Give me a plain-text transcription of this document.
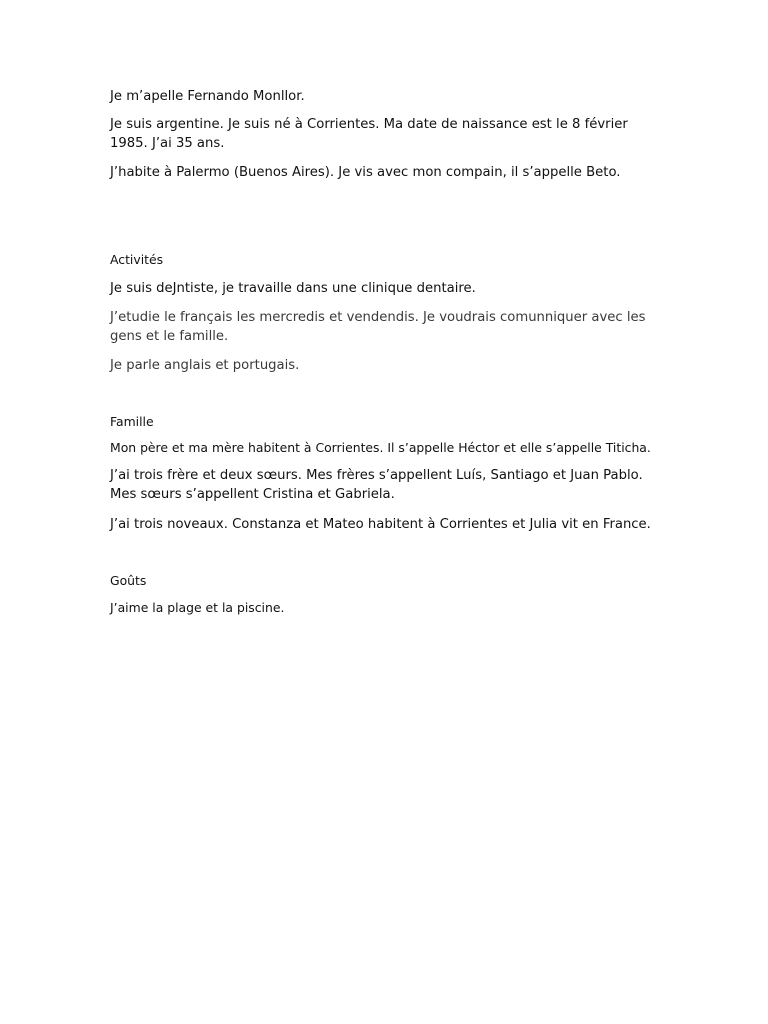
Je m’apelle Fernando Monllor.

Je suis argentine. Je suis né à Corrientes. Ma date de naissance est le 8 février 1985. J’ai 35 ans.

J’habite à Palermo (Buenos Aires). Je vis avec mon compain, il s’appelle Beto.

Activités

Je suis deJntiste, je travaille dans une clinique dentaire.

J’etudie le français les mercredis et vendendis. Je voudrais comunniquer avec les gens et le famille.

Je parle anglais et portugais.

Famille

Mon père et ma mère habitent à Corrientes. Il s’appelle Héctor et elle s’appelle Titicha.

J’ai trois frère et deux sœurs. Mes frères s’appellent Luís, Santiago et Juan Pablo. Mes sœurs s’appellent Cristina et Gabriela.

J’ai trois noveaux. Constanza et Mateo habitent à Corrientes et Julia vit en France.

Goûts

J’aime la plage et la piscine.
